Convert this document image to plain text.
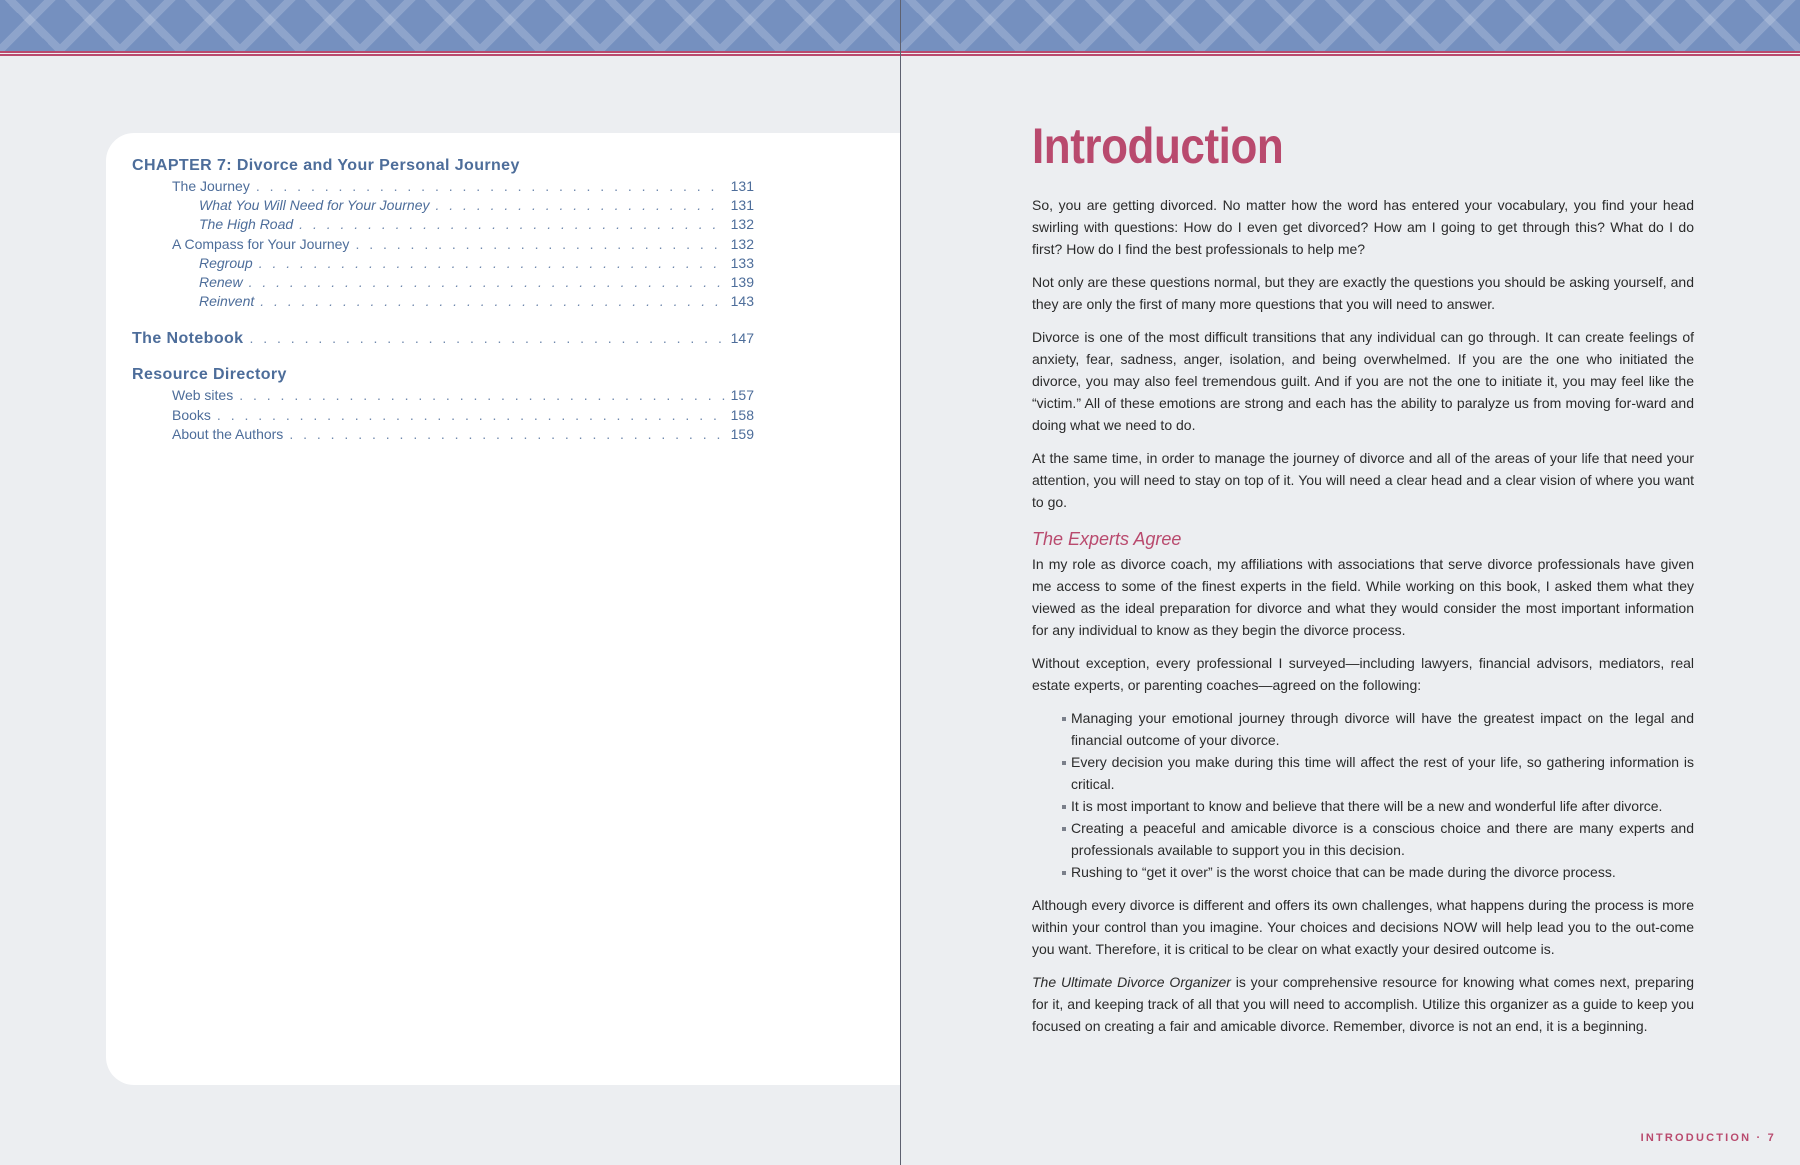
CHAPTER 7: Divorce and Your Personal Journey
The Journey . . .	131
What You Will Need for Your Journey . . .	131
The High Road . . .	132
A Compass for Your Journey . . .	132
Regroup . . .	133
Renew . . .	139
Reinvent . . .	143
The Notebook . . .	147
Resource Directory
Web sites . . .	157
Books . . .	158
About the Authors . . .	159
Introduction

So, you are getting divorced. No matter how the word has entered your vocabulary, you find your head swirling with questions: How do I even get divorced? How am I going to get through this? What do I do first? How do I find the best professionals to help me?

Not only are these questions normal, but they are exactly the questions you should be asking yourself, and they are only the first of many more questions that you will need to answer.

Divorce is one of the most difficult transitions that any individual can go through. It can create feelings of anxiety, fear, sadness, anger, isolation, and being overwhelmed. If you are the one who initiated the divorce, you may also feel tremendous guilt. And if you are not the one to initiate it, you may feel like the “victim.” All of these emotions are strong and each has the ability to paralyze us from moving for-ward and doing what we need to do.

At the same time, in order to manage the journey of divorce and all of the areas of your life that need your attention, you will need to stay on top of it. You will need a clear head and a clear vision of where you want to go.

The Experts Agree

In my role as divorce coach, my affiliations with associations that serve divorce professionals have given me access to some of the finest experts in the field. While working on this book, I asked them what they viewed as the ideal preparation for divorce and what they would consider the most important information for any individual to know as they begin the divorce process.

Without exception, every professional I surveyed—including lawyers, financial advisors, mediators, real estate experts, or parenting coaches—agreed on the following:

Managing your emotional journey through divorce will have the greatest impact on the legal and financial outcome of your divorce.
Every decision you make during this time will affect the rest of your life, so gathering information is critical.
It is most important to know and believe that there will be a new and wonderful life after divorce.
Creating a peaceful and amicable divorce is a conscious choice and there are many experts and professionals available to support you in this decision.
Rushing to “get it over” is the worst choice that can be made during the divorce process.

Although every divorce is different and offers its own challenges, what happens during the process is more within your control than you imagine. Your choices and decisions NOW will help lead you to the out-come you want. Therefore, it is critical to be clear on what exactly your desired outcome is.

The Ultimate Divorce Organizer is your comprehensive resource for knowing what comes next, preparing for it, and keeping track of all that you will need to accomplish. Utilize this organizer as a guide to keep you focused on creating a fair and amicable divorce. Remember, divorce is not an end, it is a beginning.

INTRODUCTION · 7
